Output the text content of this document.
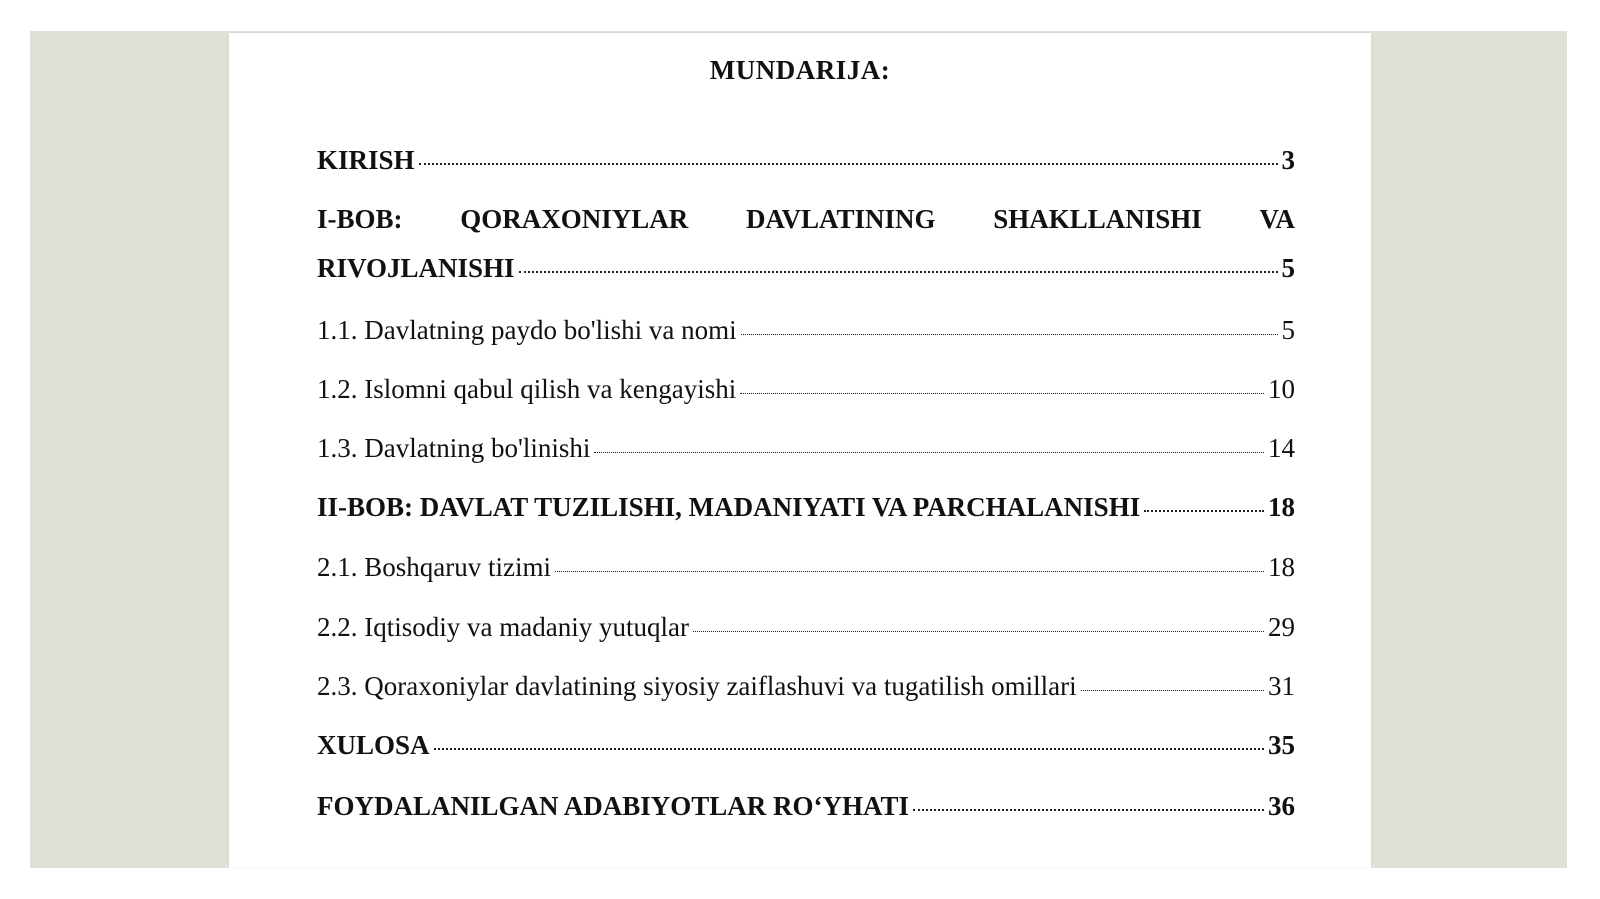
MUNDARIJA:
KIRISH	3
I-BOB: QORAXONIYLAR DAVLATINING SHAKLLANISHI VA
RIVOJLANISHI	5
1.1. Davlatning paydo bo'lishi va nomi	5
1.2. Islomni qabul qilish va kengayishi	10
1.3. Davlatning bo'linishi	14
II-BOB: DAVLAT TUZILISHI, MADANIYATI VA PARCHALANISHI	18
2.1. Boshqaruv tizimi	18
2.2. Iqtisodiy va madaniy yutuqlar	29
2.3. Qoraxoniylar davlatining siyosiy zaiflashuvi va tugatilish omillari	31
XULOSA	35
FOYDALANILGAN ADABIYOTLAR RO‘YHATI	36
